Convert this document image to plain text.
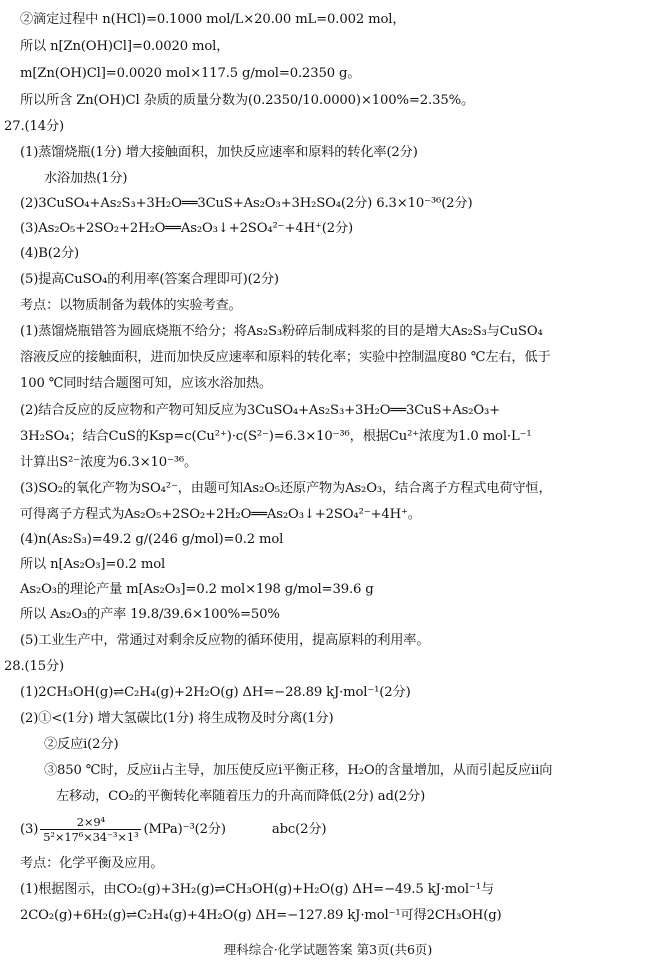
②滴定过程中 n(HCl)=0.1000 mol/L×20.00 mL=0.002 mol，
所以 n[Zn(OH)Cl]=0.0020 mol，
m[Zn(OH)Cl]=0.0020 mol×117.5 g/mol=0.2350 g。
所以所含 Zn(OH)Cl 杂质的质量分数为(0.2350/10.0000)×100%=2.35%。
27.(14分)
(1)蒸馏烧瓶(1分) 增大接触面积，加快反应速率和原料的转化率(2分)
水浴加热(1分)
(2)3CuSO₄+As₂S₃+3H₂O══3CuS+As₂O₃+3H₂SO₄(2分) 6.3×10⁻³⁶(2分)
(3)As₂O₅+2SO₂+2H₂O══As₂O₃↓+2SO₄²⁻+4H⁺(2分)
(4)B(2分)
(5)提高CuSO₄的利用率(答案合理即可)(2分)
考点：以物质制备为载体的实验考查。
(1)蒸馏烧瓶错答为圆底烧瓶不给分；将As₂S₃粉碎后制成料浆的目的是增大As₂S₃与CuSO₄
溶液反应的接触面积，进而加快反应速率和原料的转化率；实验中控制温度80 ℃左右，低于
100 ℃同时结合题图可知，应该水浴加热。
(2)结合反应的反应物和产物可知反应为3CuSO₄+As₂S₃+3H₂O══3CuS+As₂O₃+
3H₂SO₄；结合CuS的Ksp=c(Cu²⁺)·c(S²⁻)=6.3×10⁻³⁶，根据Cu²⁺浓度为1.0 mol·L⁻¹
计算出S²⁻浓度为6.3×10⁻³⁶。
(3)SO₂的氧化产物为SO₄²⁻，由题可知As₂O₅还原产物为As₂O₃，结合离子方程式电荷守恒，
可得离子方程式为As₂O₅+2SO₂+2H₂O══As₂O₃↓+2SO₄²⁻+4H⁺。
(4)n(As₂S₃)=49.2 g/(246 g/mol)=0.2 mol
所以 n[As₂O₃]=0.2 mol
As₂O₃的理论产量 m[As₂O₃]=0.2 mol×198 g/mol=39.6 g
所以 As₂O₃的产率 19.8/39.6×100%=50%
(5)工业生产中，常通过对剩余反应物的循环使用，提高原料的利用率。
28.(15分)
(1)2CH₃OH(g)⇌C₂H₄(g)+2H₂O(g) ΔH=−28.89 kJ·mol⁻¹(2分)
(2)①<(1分) 增大氢碳比(1分) 将生成物及时分离(1分)
②反应ⅰ(2分)
③850 ℃时，反应ⅱ占主导，加压使反应ⅰ平衡正移，H₂O的含量增加，从而引起反应ⅱ向
左移动，CO₂的平衡转化率随着压力的升高而降低(2分) ad(2分)
$(3) \frac{\text{2×9⁴}}{\text{5²×17⁶×34⁻³×1³}} (MPa)^{-3}(2$分)	abc(2分)
考点：化学平衡及应用。
(1)根据图示，由CO₂(g)+3H₂(g)⇌CH₃OH(g)+H₂O(g) ΔH=−49.5 kJ·mol⁻¹与
2CO₂(g)+6H₂(g)⇌C₂H₄(g)+4H₂O(g) ΔH=−127.89 kJ·mol⁻¹可得2CH₃OH(g)
理科综合·化学试题答案 第3页(共6页)
